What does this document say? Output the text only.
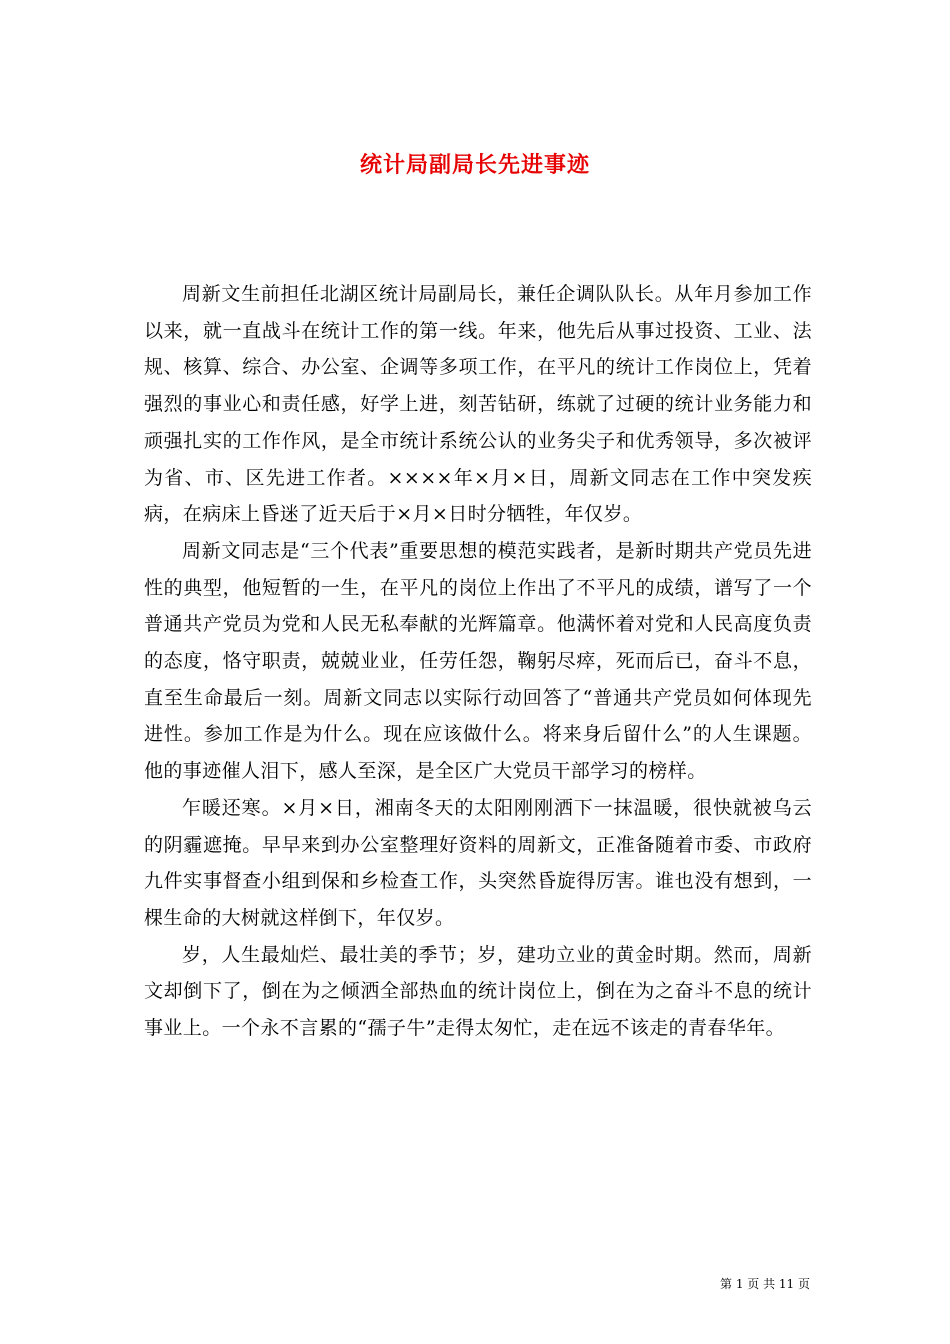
统计局副局长先进事迹

周新文生前担任北湖区统计局副局长，兼任企调队队长。从年月参加工作以来，就一直战斗在统计工作的第一线。年来，他先后从事过投资、工业、法规、核算、综合、办公室、企调等多项工作，在平凡的统计工作岗位上，凭着强烈的事业心和责任感，好学上进，刻苦钻研，练就了过硬的统计业务能力和顽强扎实的工作作风，是全市统计系统公认的业务尖子和优秀领导，多次被评为省、市、区先进工作者。××××年×月×日，周新文同志在工作中突发疾病，在病床上昏迷了近天后于×月×日时分牺牲，年仅岁。

周新文同志是“三个代表”重要思想的模范实践者，是新时期共产党员先进性的典型，他短暂的一生，在平凡的岗位上作出了不平凡的成绩，谱写了一个普通共产党员为党和人民无私奉献的光辉篇章。他满怀着对党和人民高度负责的态度，恪守职责，兢兢业业，任劳任怨，鞠躬尽瘁，死而后已，奋斗不息，直至生命最后一刻。周新文同志以实际行动回答了“普通共产党员如何体现先进性。参加工作是为什么。现在应该做什么。将来身后留什么”的人生课题。他的事迹催人泪下，感人至深，是全区广大党员干部学习的榜样。

乍暖还寒。×月×日，湘南冬天的太阳刚刚洒下一抹温暖，很快就被乌云的阴霾遮掩。早早来到办公室整理好资料的周新文，正准备随着市委、市政府九件实事督查小组到保和乡检查工作，头突然昏旋得厉害。谁也没有想到，一棵生命的大树就这样倒下，年仅岁。

岁，人生最灿烂、最壮美的季节；岁，建功立业的黄金时期。然而，周新文却倒下了，倒在为之倾洒全部热血的统计岗位上，倒在为之奋斗不息的统计事业上。一个永不言累的“孺子牛”走得太匆忙，走在远不该走的青春华年。

第 1 页 共 11 页
